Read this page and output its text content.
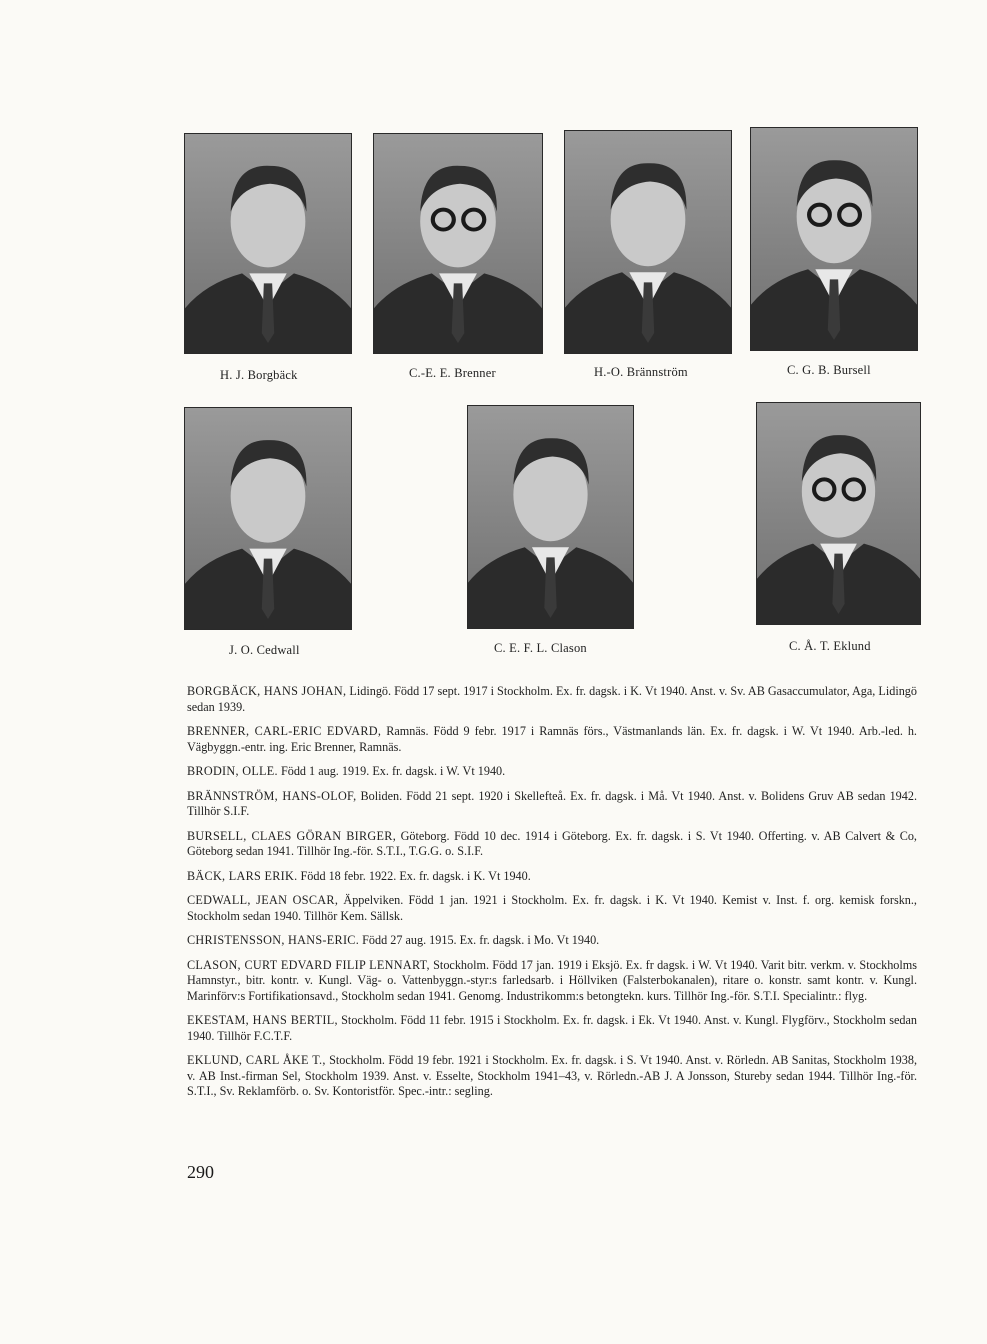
H. J. Borgbäck	C.-E. E. Brenner	H.-O. Brännström	C. G. B. Bursell
J. O. Cedwall	C. E. F. L. Clason	C. Å. T. Eklund
BORGBÄCK, HANS JOHAN, Lidingö. Född 17 sept. 1917 i Stockholm. Ex. fr. dagsk. i K. Vt 1940. Anst. v. Sv. AB Gasaccumulator, Aga, Lidingö sedan 1939.
BRENNER, CARL-ERIC EDVARD, Ramnäs. Född 9 febr. 1917 i Ramnäs förs., Västmanlands län. Ex. fr. dagsk. i W. Vt 1940. Arb.-led. h. Vägbyggn.-entr. ing. Eric Brenner, Ramnäs.
BRODIN, OLLE. Född 1 aug. 1919. Ex. fr. dagsk. i W. Vt 1940.
BRÄNNSTRÖM, HANS-OLOF, Boliden. Född 21 sept. 1920 i Skellefteå. Ex. fr. dagsk. i Må. Vt 1940. Anst. v. Bolidens Gruv AB sedan 1942. Tillhör S.I.F.
BURSELL, CLAES GÖRAN BIRGER, Göteborg. Född 10 dec. 1914 i Göteborg. Ex. fr. dagsk. i S. Vt 1940. Offerting. v. AB Calvert & Co, Göteborg sedan 1941. Tillhör Ing.-för. S.T.I., T.G.G. o. S.I.F.
BÄCK, LARS ERIK. Född 18 febr. 1922. Ex. fr. dagsk. i K. Vt 1940.
CEDWALL, JEAN OSCAR, Äppelviken. Född 1 jan. 1921 i Stockholm. Ex. fr. dagsk. i K. Vt 1940. Kemist v. Inst. f. org. kemisk forskn., Stockholm sedan 1940. Tillhör Kem. Sällsk.
CHRISTENSSON, HANS-ERIC. Född 27 aug. 1915. Ex. fr. dagsk. i Mo. Vt 1940.
CLASON, CURT EDVARD FILIP LENNART, Stockholm. Född 17 jan. 1919 i Eksjö. Ex. fr dagsk. i W. Vt 1940. Varit bitr. verkm. v. Stockholms Hamnstyr., bitr. kontr. v. Kungl. Väg- o. Vattenbyggn.-styr:s farledsarb. i Höllviken (Falsterbokanalen), ritare o. konstr. samt kontr. v. Kungl. Marinförv:s Fortifikationsavd., Stockholm sedan 1941. Genomg. Industrikomm:s betongtekn. kurs. Tillhör Ing.-för. S.T.I. Specialintr.: flyg.
EKESTAM, HANS BERTIL, Stockholm. Född 11 febr. 1915 i Stockholm. Ex. fr. dagsk. i Ek. Vt 1940. Anst. v. Kungl. Flygförv., Stockholm sedan 1940. Tillhör F.C.T.F.
EKLUND, CARL ÅKE T., Stockholm. Född 19 febr. 1921 i Stockholm. Ex. fr. dagsk. i S. Vt 1940. Anst. v. Rörledn. AB Sanitas, Stockholm 1938, v. AB Inst.-firman Sel, Stockholm 1939. Anst. v. Esselte, Stockholm 1941–43, v. Rörledn.-AB J. A Jonsson, Stureby sedan 1944. Tillhör Ing.-för. S.T.I., Sv. Reklamförb. o. Sv. Kontoristför. Spec.-intr.: segling.
290
